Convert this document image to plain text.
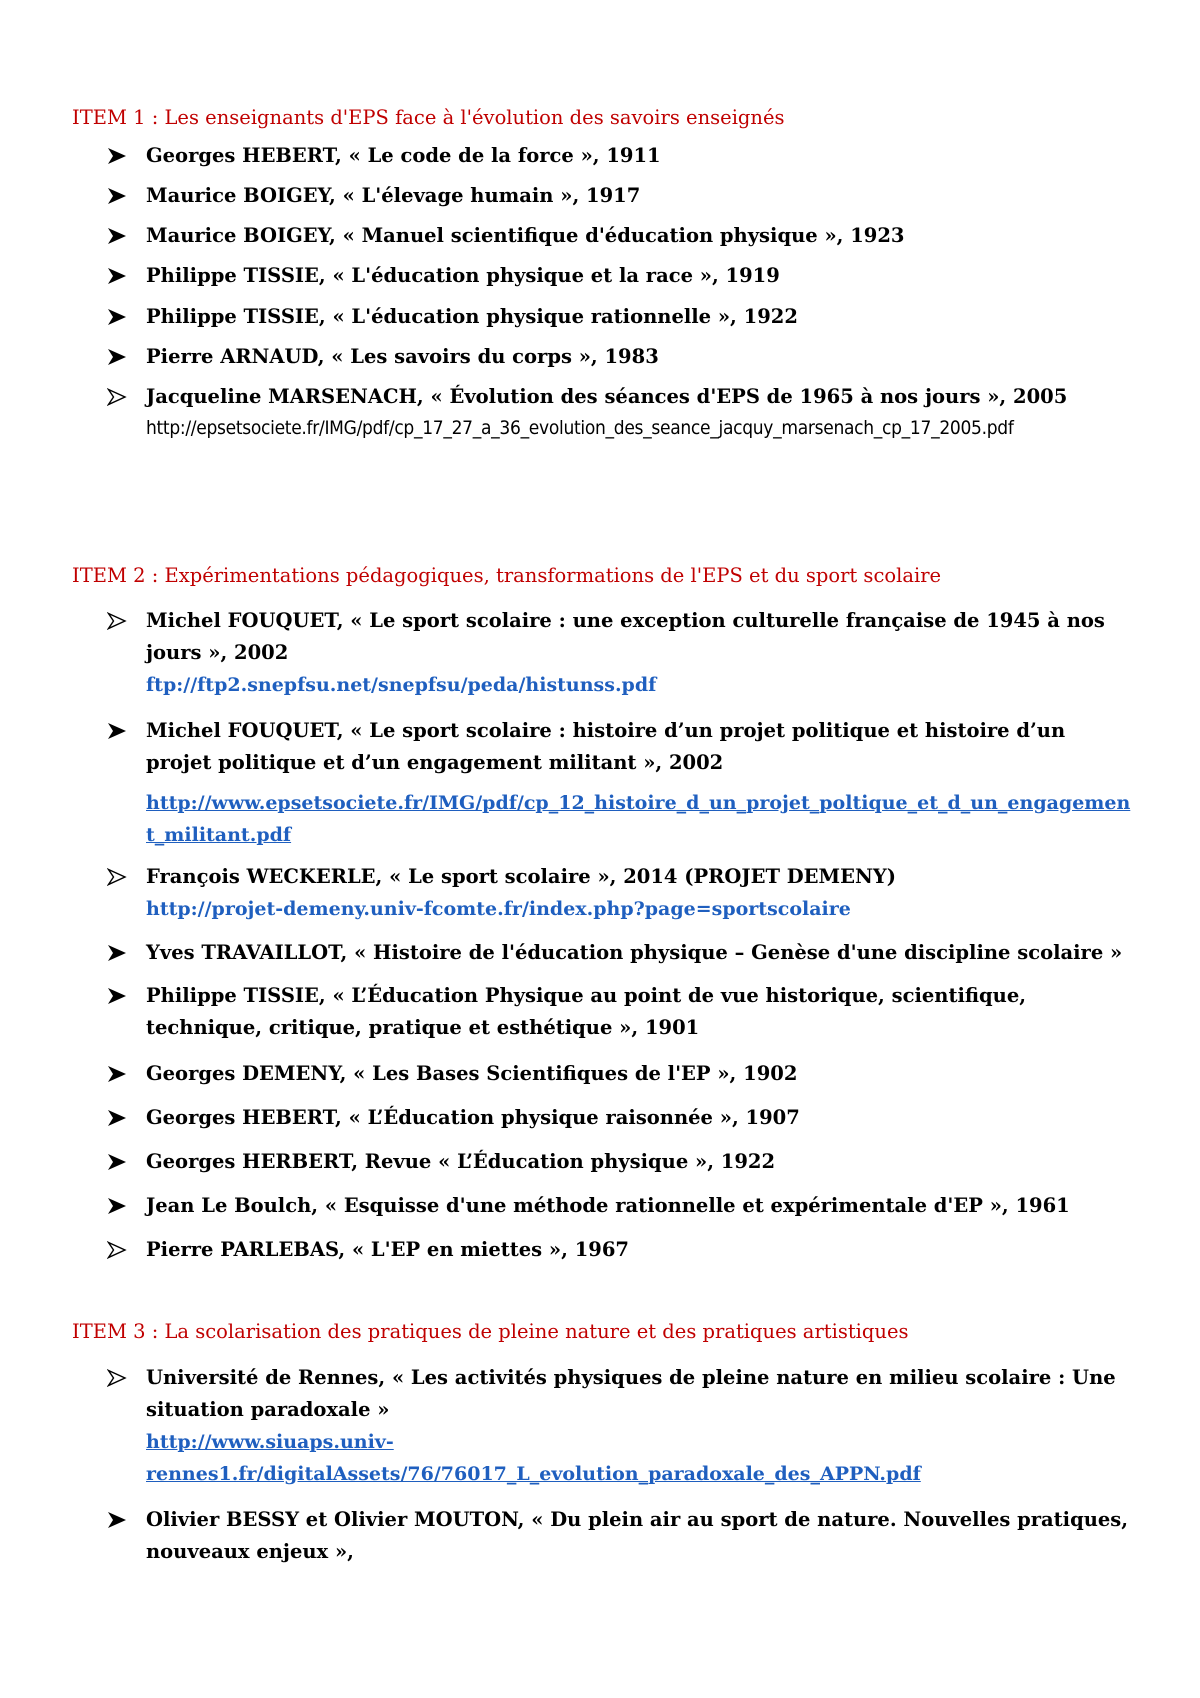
ITEM 1 : Les enseignants d'EPS face à l'évolution des savoirs enseignés

Georges HEBERT, « Le code de la force », 1911
Maurice BOIGEY, « L'élevage humain », 1917
Maurice BOIGEY, « Manuel scientifique d'éducation physique », 1923
Philippe TISSIE, « L'éducation physique et la race », 1919
Philippe TISSIE, « L'éducation physique rationnelle », 1922
Pierre ARNAUD, « Les savoirs du corps », 1983
Jacqueline MARSENACH, « Évolution des séances d'EPS de 1965 à nos jours », 2005
http://epsetsociete.fr/IMG/pdf/cp_17_27_a_36_evolution_des_seance_jacquy_marsenach_cp_17_2005.pdf

ITEM 2 : Expérimentations pédagogiques, transformations de l'EPS et du sport scolaire

Michel FOUQUET, « Le sport scolaire : une exception culturelle française de 1945 à nos jours », 2002
ftp://ftp2.snepfsu.net/snepfsu/peda/histunss.pdf
Michel FOUQUET, « Le sport scolaire : histoire d’un projet politique et histoire d’un projet politique et d’un engagement militant », 2002
http://www.epsetsociete.fr/IMG/pdf/cp_12_histoire_d_un_projet_poltique_et_d_un_engagement_militant.pdf
François WECKERLE, « Le sport scolaire », 2014 (PROJET DEMENY)
http://projet-demeny.univ-fcomte.fr/index.php?page=sportscolaire
Yves TRAVAILLOT, « Histoire de l'éducation physique – Genèse d'une discipline scolaire »
Philippe TISSIE, « L’Éducation Physique au point de vue historique, scientifique, technique, critique, pratique et esthétique », 1901
Georges DEMENY, « Les Bases Scientifiques de l'EP », 1902
Georges HEBERT, « L’Éducation physique raisonnée », 1907
Georges HERBERT, Revue « L’Éducation physique », 1922
Jean Le Boulch, « Esquisse d'une méthode rationnelle et expérimentale d'EP », 1961
Pierre PARLEBAS, « L'EP en miettes », 1967

ITEM 3 : La scolarisation des pratiques de pleine nature et des pratiques artistiques

Université de Rennes, « Les activités physiques de pleine nature en milieu scolaire : Une situation paradoxale »
http://www.siuaps.univ-
rennes1.fr/digitalAssets/76/76017_L_evolution_paradoxale_des_APPN.pdf
Olivier BESSY et Olivier MOUTON, « Du plein air au sport de nature. Nouvelles pratiques, nouveaux enjeux »,
